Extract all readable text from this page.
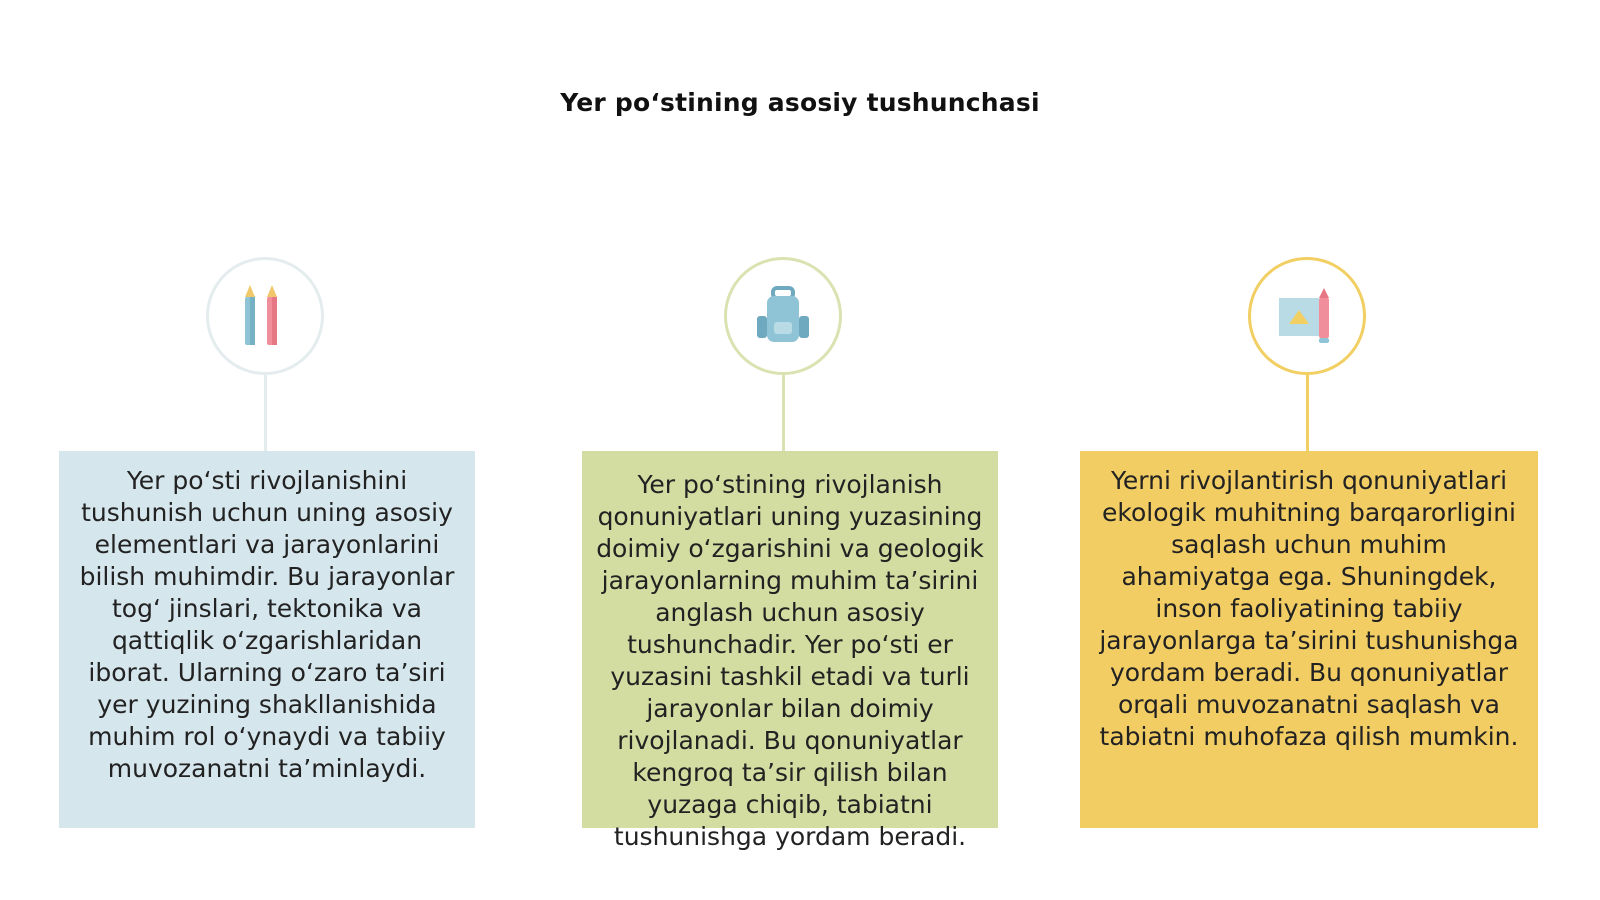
Yer po‘stining asosiy tushunchasi
Yer po‘sti rivojlanishini tushunish uchun uning asosiy elementlari va jarayonlarini bilish muhimdir. Bu jarayonlar tog‘ jinslari, tektonika va qattiqlik o‘zgarishlaridan iborat. Ularning o‘zaro ta’siri yer yuzining shakllanishida muhim rol o‘ynaydi va tabiiy muvozanatni ta’minlaydi.
Yer po‘stining rivojlanish qonuniyatlari uning yuzasining doimiy o‘zgarishini va geologik jarayonlarning muhim ta’sirini anglash uchun asosiy tushunchadir. Yer po‘sti er yuzasini tashkil etadi va turli jarayonlar bilan doimiy rivojlanadi. Bu qonuniyatlar kengroq ta’sir qilish bilan yuzaga chiqib, tabiatni tushunishga yordam beradi.
Yerni rivojlantirish qonuniyatlari ekologik muhitning barqarorligini saqlash uchun muhim ahamiyatga ega. Shuningdek, inson faoliyatining tabiiy jarayonlarga ta’sirini tushunishga yordam beradi. Bu qonuniyatlar orqali muvozanatni saqlash va tabiatni muhofaza qilish mumkin.
